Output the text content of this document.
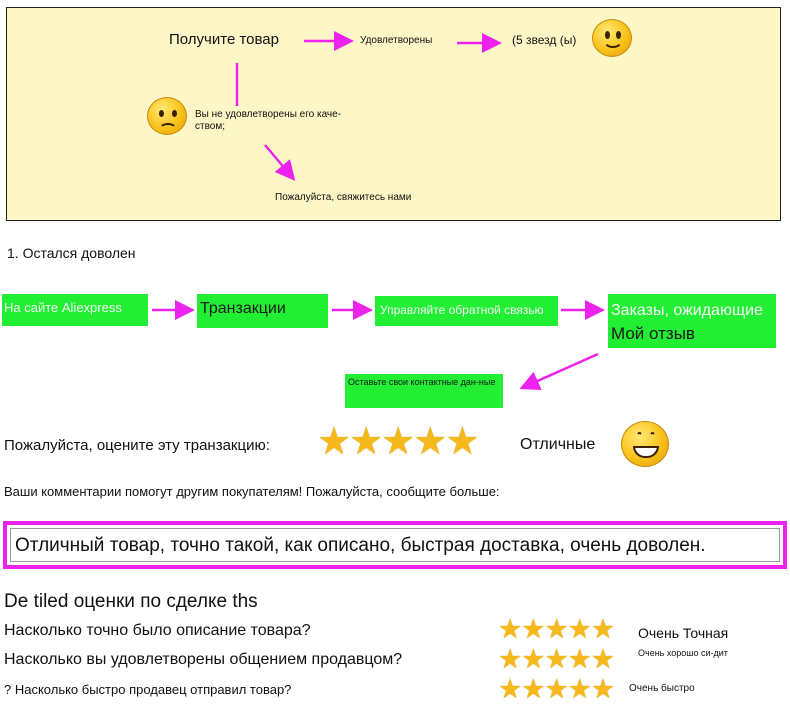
Получите товар	Удовлетворены	(5 звезд (ы)
Вы не удовлетворены его каче-ством;
Пожалуйста, свяжитесь нами
1. Остался доволен
На сайте Aliexpress	Транзакции	Управляйте обратной связью	Заказы, ожидающие
Мой отзыв
Оставьте свои контактные дан-ные
Пожалуйста, оцените эту транзакцию: ★ ★ ★ ★ ★	Отличные
Ваши комментарии помогут другим покупателям! Пожалуйста, сообщите больше:
Отличный товар, точно такой, как описано, быстрая доставка, очень доволен.
De tiled оценки по сделке ths
Насколько точно было описание товара?	★ ★ ★ ★ ★ Очень Точная
Насколько вы удовлетворены общением продавцом?	★ ★ ★ ★ ★	Очень хорошо си-дит
? Насколько быстро продавец отправил товар?	★ ★ ★ ★ ★ Очень быстро
